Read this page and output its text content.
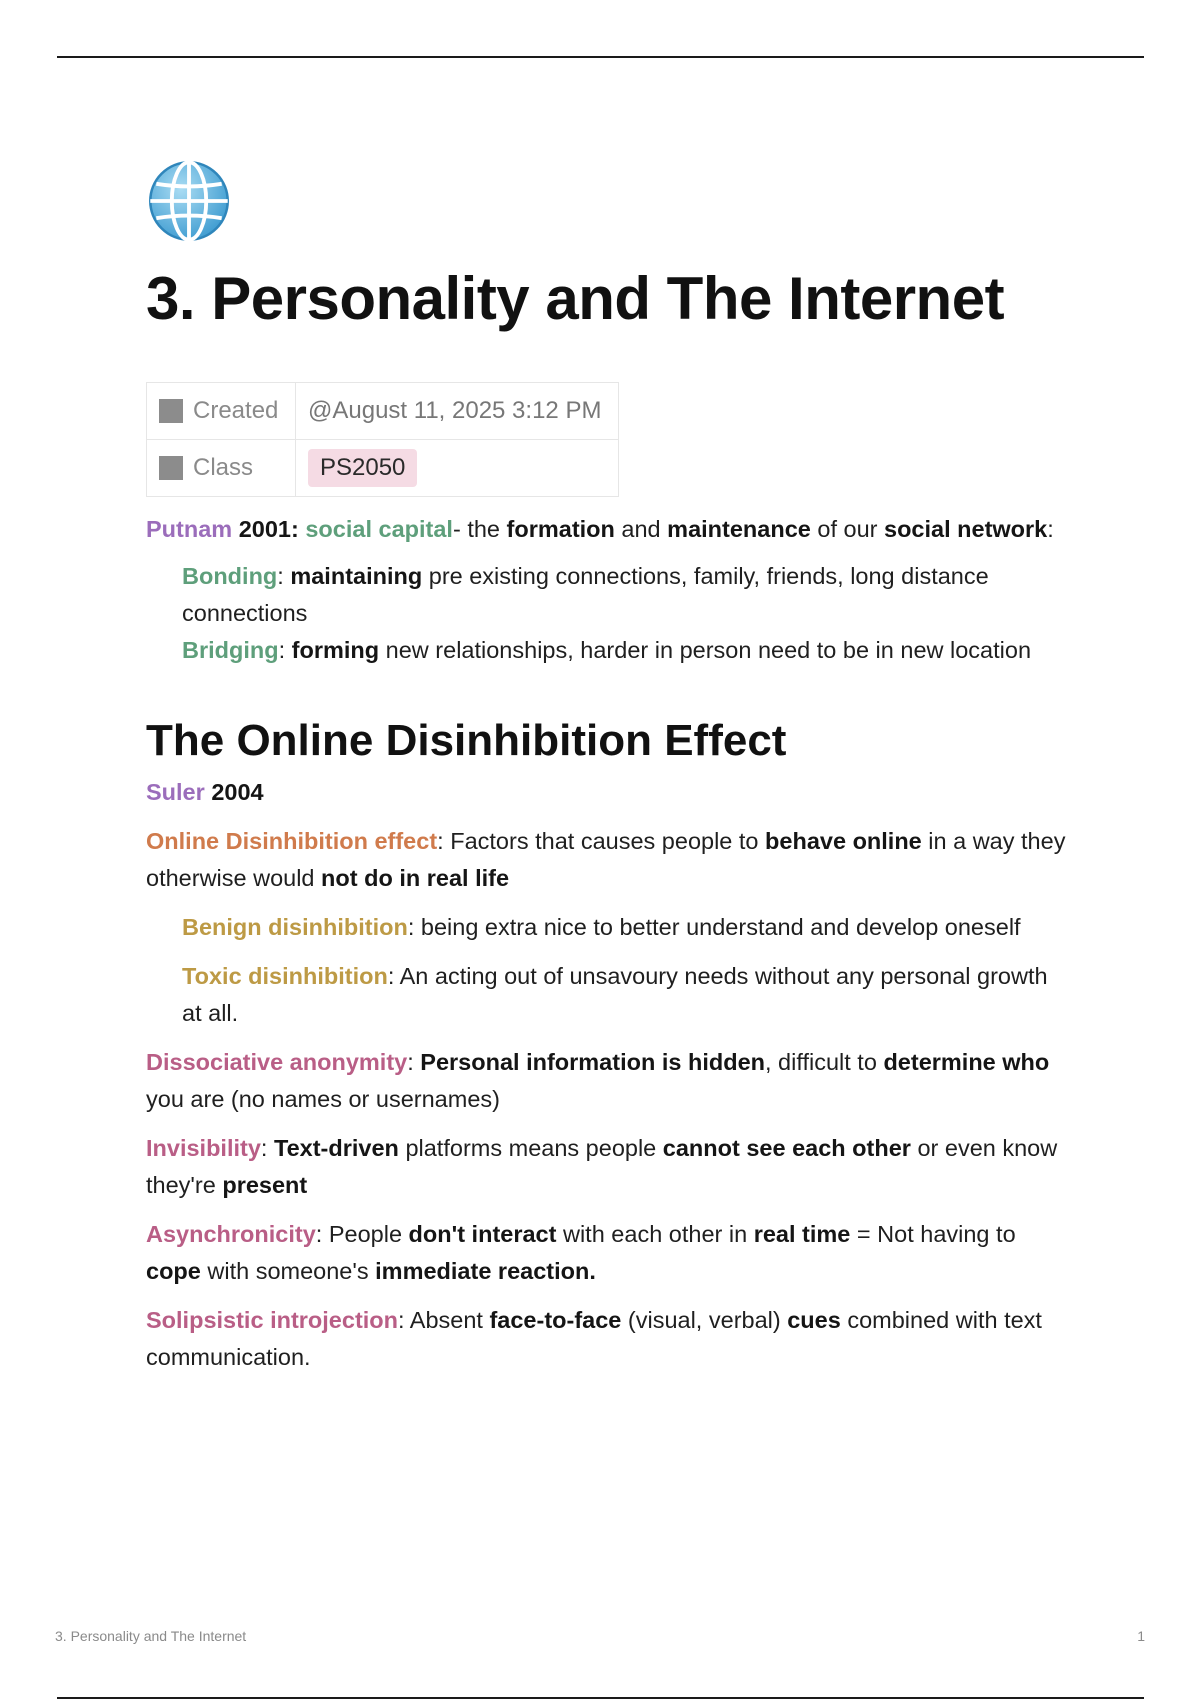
3. Personality and The Internet
Created	@August 11, 2025 3:12 PM
Class	PS2050

Putnam 2001: social capital- the formation and maintenance of our social network:

Bonding: maintaining pre existing connections, family, friends, long distance connections

Bridging: forming new relationships, harder in person need to be in new location

The Online Disinhibition Effect

Suler 2004

Online Disinhibition effect: Factors that causes people to behave online in a way they otherwise would not do in real life

Benign disinhibition: being extra nice to better understand and develop oneself

Toxic disinhibition: An acting out of unsavoury needs without any personal growth at all.

Dissociative anonymity: Personal information is hidden, difficult to determine who you are (no names or usernames)

Invisibility: Text-driven platforms means people cannot see each other or even know they're present

Asynchronicity: People don't interact with each other in real time = Not having to cope with someone's immediate reaction.

Solipsistic introjection: Absent face-to-face (visual, verbal) cues combined with text communication.

3. Personality and The Internet	1
